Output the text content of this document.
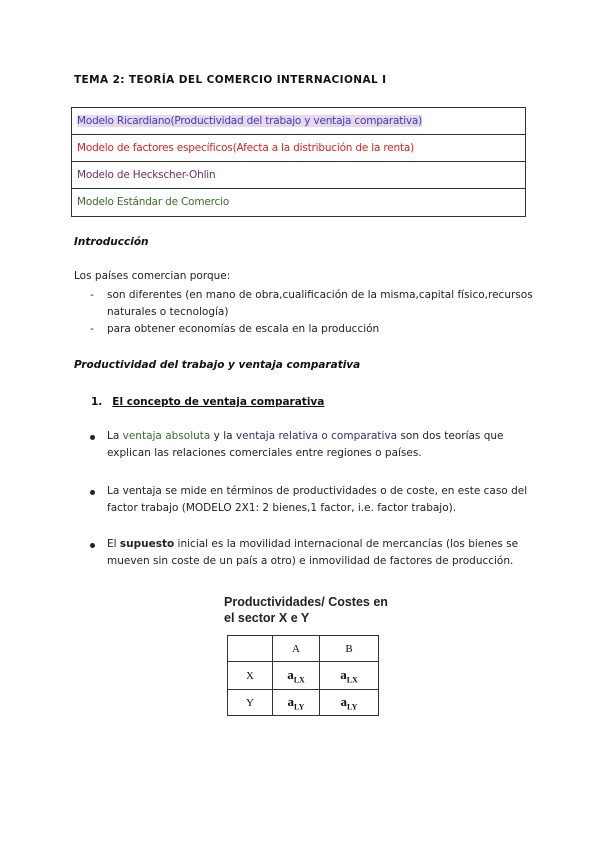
TEMA 2: TEORÍA DEL COMERCIO INTERNACIONAL I
Modelo Ricardiano(Productividad del trabajo y ventaja comparativa)
Modelo de factores específicos(Afecta a la distribución de la renta)
Modelo de Heckscher-Ohlin
Modelo Estándar de Comercio
Introducción
Los países comercian porque:
- son diferentes (en mano de obra,cualificación de la misma,capital físico,recursos
naturales o tecnología)
- para obtener economías de escala en la producción
Productividad del trabajo y ventaja comparativa
1. El concepto de ventaja comparativa
La ventaja absoluta y la ventaja relativa o comparativa son dos teorías que
explican las relaciones comerciales entre regiones o países.
La ventaja se mide en términos de productividades o de coste, en este caso del
factor trabajo (MODELO 2X1: 2 bienes,1 factor, i.e. factor trabajo).
El supuesto inicial es la movilidad internacional de mercancías (los bienes se
mueven sin coste de un país a otro) e inmovilidad de factores de producción.
Productividades/ Costes en
el sector X e Y
	A	B
X	$a_{LX}$	$a_{LX}$
Y	$a_{LY}$	$a_{LY}$
